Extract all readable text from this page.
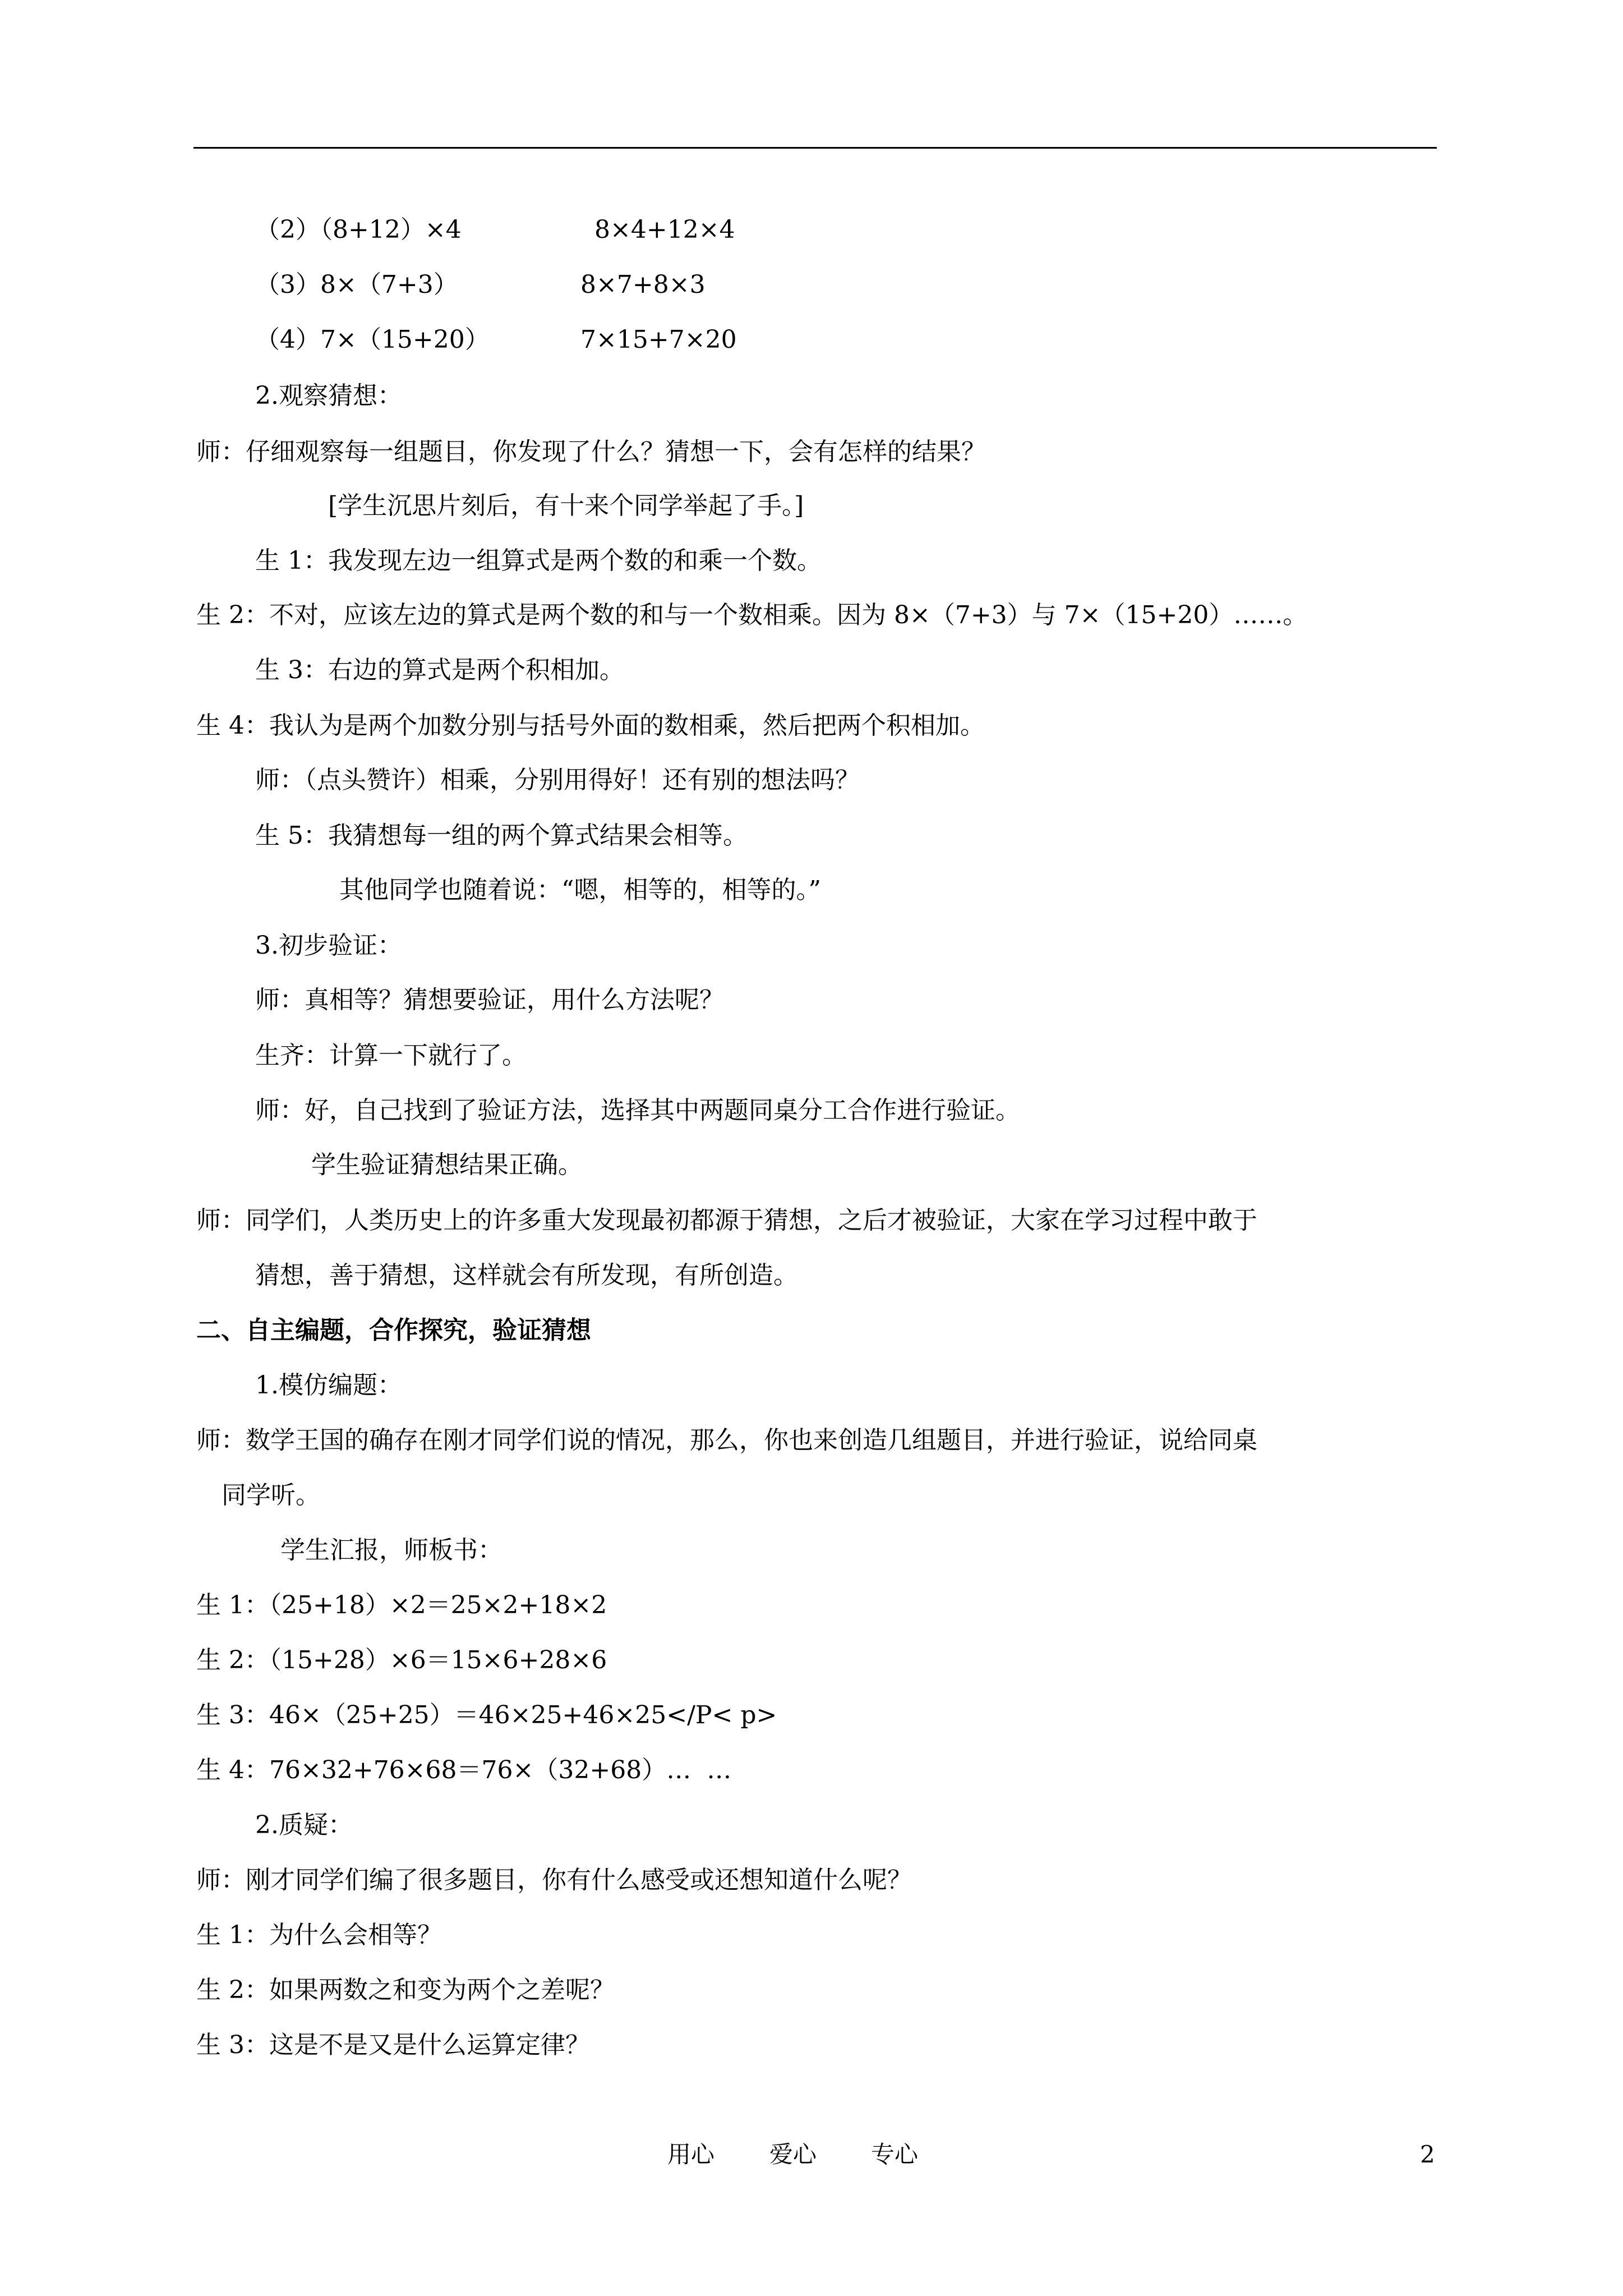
（2）（8+12）×4	8×4+12×4
（3）8×（7+3）	8×7+8×3
（4）7×（15+20）	7×15+7×20
2.观察猜想：
师：仔细观察每一组题目，你发现了什么？猜想一下，会有怎样的结果？
[学生沉思片刻后，有十来个同学举起了手。]
生 1：我发现左边一组算式是两个数的和乘一个数。
生 2：不对，应该左边的算式是两个数的和与一个数相乘。因为 8×（7+3）与 7×（15+20）……。
生 3：右边的算式是两个积相加。
生 4：我认为是两个加数分别与括号外面的数相乘，然后把两个积相加。
师：（点头赞许）相乘，分别用得好！还有别的想法吗？
生 5：我猜想每一组的两个算式结果会相等。
其他同学也随着说：“嗯，相等的，相等的。”
3.初步验证：
师：真相等？猜想要验证，用什么方法呢？
生齐：计算一下就行了。
师：好，自己找到了验证方法，选择其中两题同桌分工合作进行验证。
学生验证猜想结果正确。
师：同学们，人类历史上的许多重大发现最初都源于猜想，之后才被验证，大家在学习过程中敢于
猜想，善于猜想，这样就会有所发现，有所创造。
二、自主编题，合作探究，验证猜想
1.模仿编题：
师：数学王国的确存在刚才同学们说的情况，那么，你也来创造几组题目，并进行验证，说给同桌
同学听。
学生汇报，师板书：
生 1：（25+18）×2＝25×2+18×2
生 2：（15+28）×6＝15×6+28×6
生 3：46×（25+25）＝46×25+46×25</P< p>
生 4：76×32+76×68＝76×（32+68）…  …
2.质疑：
师：刚才同学们编了很多题目，你有什么感受或还想知道什么呢？
生 1：为什么会相等？
生 2：如果两数之和变为两个之差呢？
生 3：这是不是又是什么运算定律？
用心 爱心 专心	2
